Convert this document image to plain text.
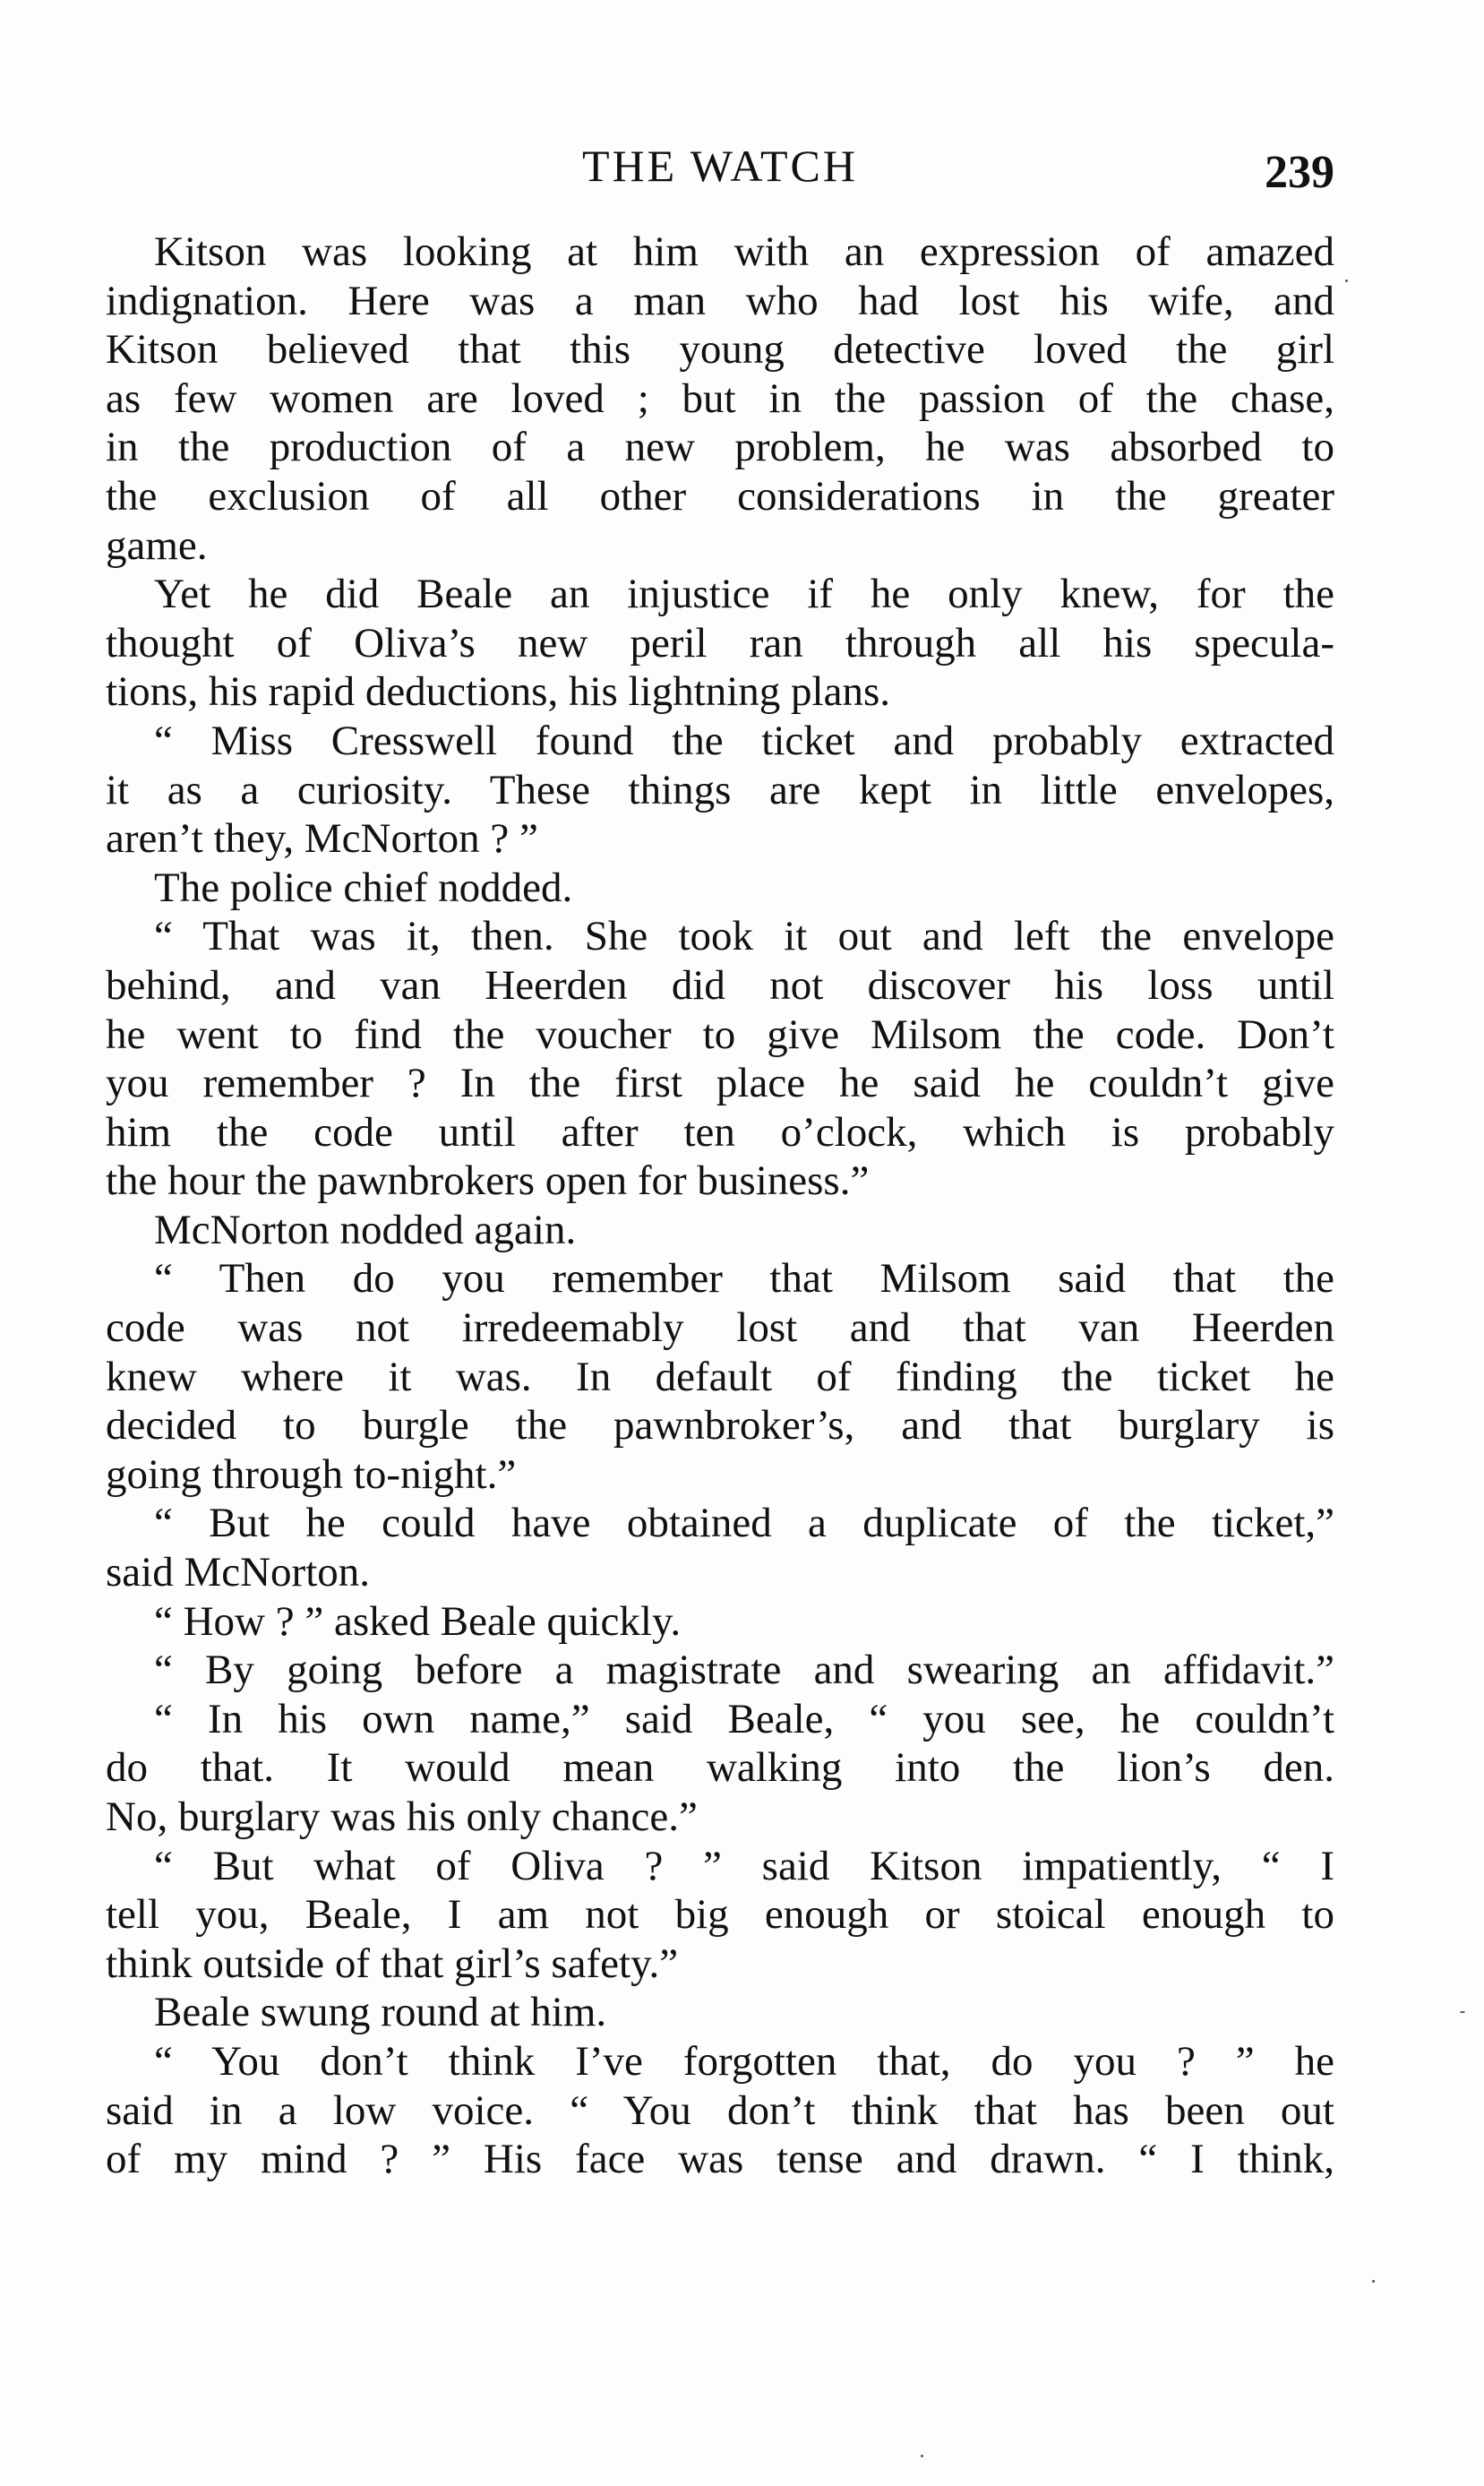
THE WATCH	239
Kitson was looking at him with an expression of amazed
indignation. Here was a man who had lost his wife, and
Kitson believed that this young detective loved the girl
as few women are loved ; but in the passion of the chase,
in the production of a new problem, he was absorbed to
the exclusion of all other considerations in the greater
game.
Yet he did Beale an injustice if he only knew, for the
thought of Oliva’s new peril ran through all his specula-
tions, his rapid deductions, his lightning plans.
“ Miss Cresswell found the ticket and probably extracted
it as a curiosity. These things are kept in little envelopes,
aren’t they, McNorton ? ”
The police chief nodded.
“ That was it, then. She took it out and left the envelope
behind, and van Heerden did not discover his loss until
he went to find the voucher to give Milsom the code. Don’t
you remember ? In the first place he said he couldn’t give
him the code until after ten o’clock, which is probably
the hour the pawnbrokers open for business.”
McNorton nodded again.
“ Then do you remember that Milsom said that the
code was not irredeemably lost and that van Heerden
knew where it was. In default of finding the ticket he
decided to burgle the pawnbroker’s, and that burglary is
going through to-night.”
“ But he could have obtained a duplicate of the ticket,”
said McNorton.
“ How ? ” asked Beale quickly.
“ By going before a magistrate and swearing an affidavit.”
“ In his own name,” said Beale, “ you see, he couldn’t
do that. It would mean walking into the lion’s den.
No, burglary was his only chance.”
“ But what of Oliva ? ” said Kitson impatiently, “ I
tell you, Beale, I am not big enough or stoical enough to
think outside of that girl’s safety.”
Beale swung round at him.
“ You don’t think I’ve forgotten that, do you ? ” he
said in a low voice. “ You don’t think that has been out
of my mind ? ” His face was tense and drawn. “ I think,
